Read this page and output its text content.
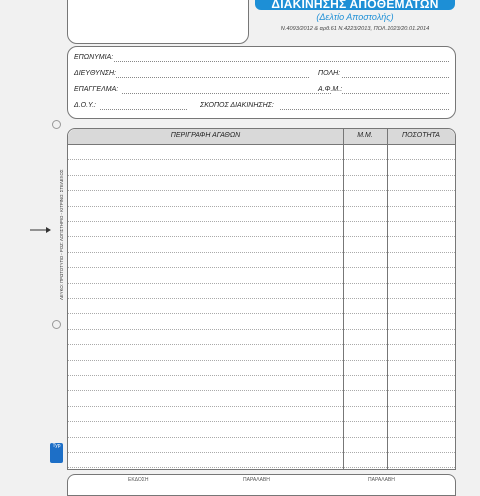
ΔΙΑΚΙΝΗΣΗΣ ΑΠΟΘΕΜΑΤΩΝ
(Δελτίο Αποστολής)
Ν.4093/2012 & αρθ.61 Ν.4223/2013, ΠΟΛ.1023/20.01.2014
ΕΠΩΝΥΜΙΑ:
ΔΙΕΥΘΥΝΣΗ:	ΠΟΛΗ:
ΕΠΑΓΓΕΛΜΑ:	Α.Φ.Μ.:
Δ.Ο.Υ.:	ΣΚΟΠΟΣ ΔΙΑΚΙΝΗΣΗΣ:
ΠΕΡΙΓΡΑΦΗ ΑΓΑΘΩΝ	Μ.Μ.	ΠΟΣΟΤΗΤΑ
ΕΚΔΟΣΗ	ΠΑΡΑΛΑΒΗ	ΠΑΡΑΛΑΒΗ
ΛΕΥΚΟ: ΠΡΩΤΟΤΥΠΟ - ΡΟΖ: ΛΟΓΙΣΤΗΡΙΟ - ΚΙΤΡΙΝΟ: ΣΤΕΛΕΧΟΣ
Typ
